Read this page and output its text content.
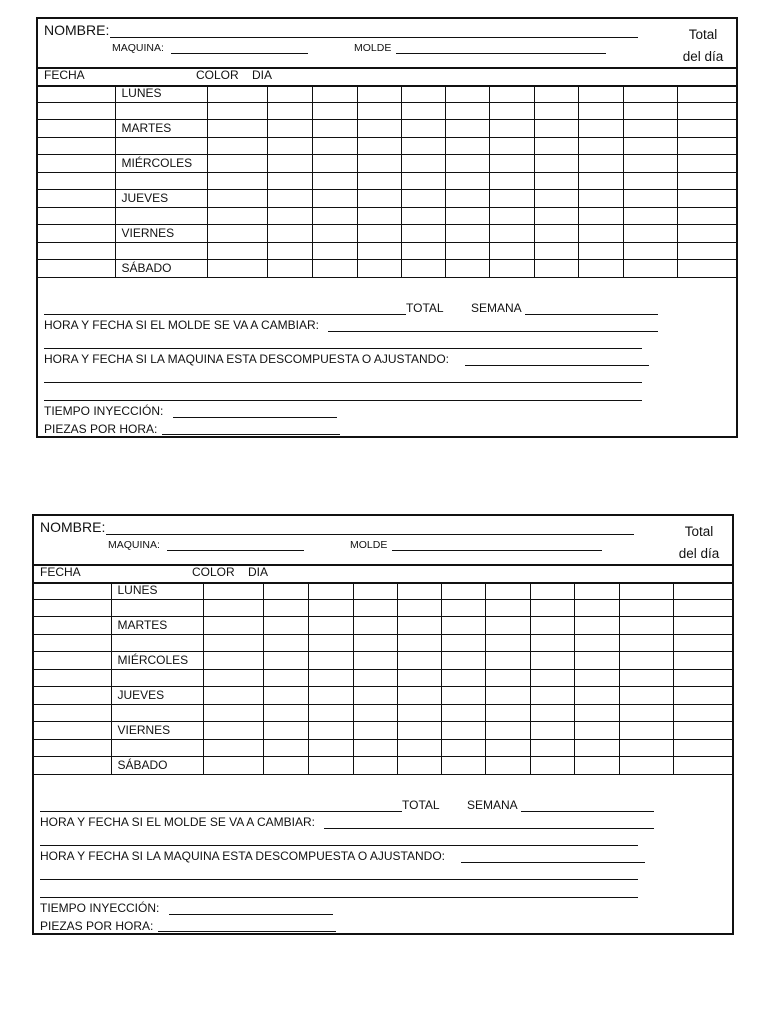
NOMBRE:
MAQUINA:	MOLDE
Total
del día
FECHA	COLOR DIA
	LUNES											

	MARTES											

	MIÉRCOLES											

	JUEVES											

	VIERNES											

	SÁBADO											
TOTAL SEMANA
HORA Y FECHA SI EL MOLDE SE VA A CAMBIAR:
HORA Y FECHA SI LA MAQUINA ESTA DESCOMPUESTA O AJUSTANDO:
TIEMPO INYECCIÓN:
PIEZAS POR HORA:
NOMBRE:
MAQUINA:	MOLDE
Total
del día
FECHA	COLOR DIA
	LUNES											

	MARTES											

	MIÉRCOLES											

	JUEVES											

	VIERNES											

	SÁBADO											
TOTAL SEMANA
HORA Y FECHA SI EL MOLDE SE VA A CAMBIAR:
HORA Y FECHA SI LA MAQUINA ESTA DESCOMPUESTA O AJUSTANDO:
TIEMPO INYECCIÓN:
PIEZAS POR HORA:
